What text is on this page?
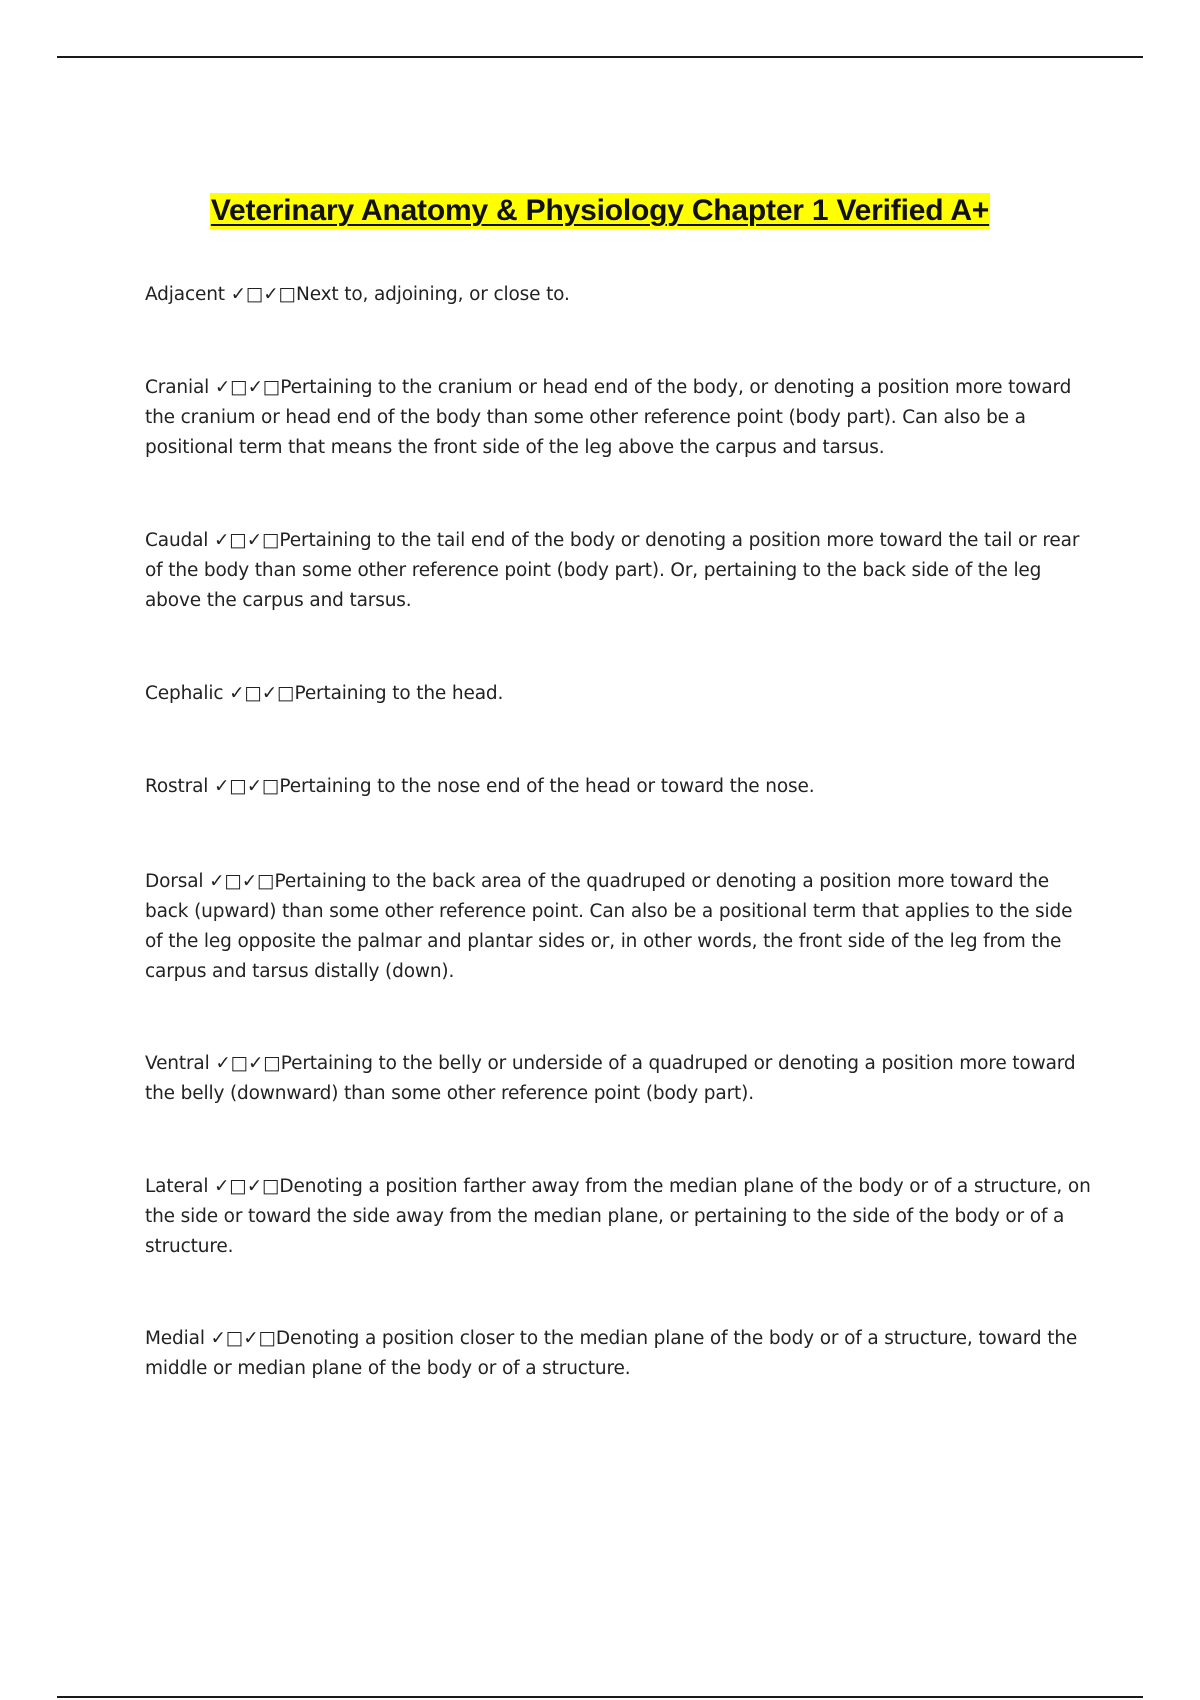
Veterinary Anatomy & Physiology Chapter 1 Verified A+
Adjacent ✓□✓□Next to, adjoining, or close to.
Cranial ✓□✓□Pertaining to the cranium or head end of the body, or denoting a position more toward the cranium or head end of the body than some other reference point (body part). Can also be a positional term that means the front side of the leg above the carpus and tarsus.
Caudal ✓□✓□Pertaining to the tail end of the body or denoting a position more toward the tail or rear of the body than some other reference point (body part). Or, pertaining to the back side of the leg above the carpus and tarsus.
Cephalic ✓□✓□Pertaining to the head.
Rostral ✓□✓□Pertaining to the nose end of the head or toward the nose.
Dorsal ✓□✓□Pertaining to the back area of the quadruped or denoting a position more toward the back (upward) than some other reference point. Can also be a positional term that applies to the side of the leg opposite the palmar and plantar sides or, in other words, the front side of the leg from the carpus and tarsus distally (down).
Ventral ✓□✓□Pertaining to the belly or underside of a quadruped or denoting a position more toward the belly (downward) than some other reference point (body part).
Lateral ✓□✓□Denoting a position farther away from the median plane of the body or of a structure, on the side or toward the side away from the median plane, or pertaining to the side of the body or of a structure.
Medial ✓□✓□Denoting a position closer to the median plane of the body or of a structure, toward the middle or median plane of the body or of a structure.
